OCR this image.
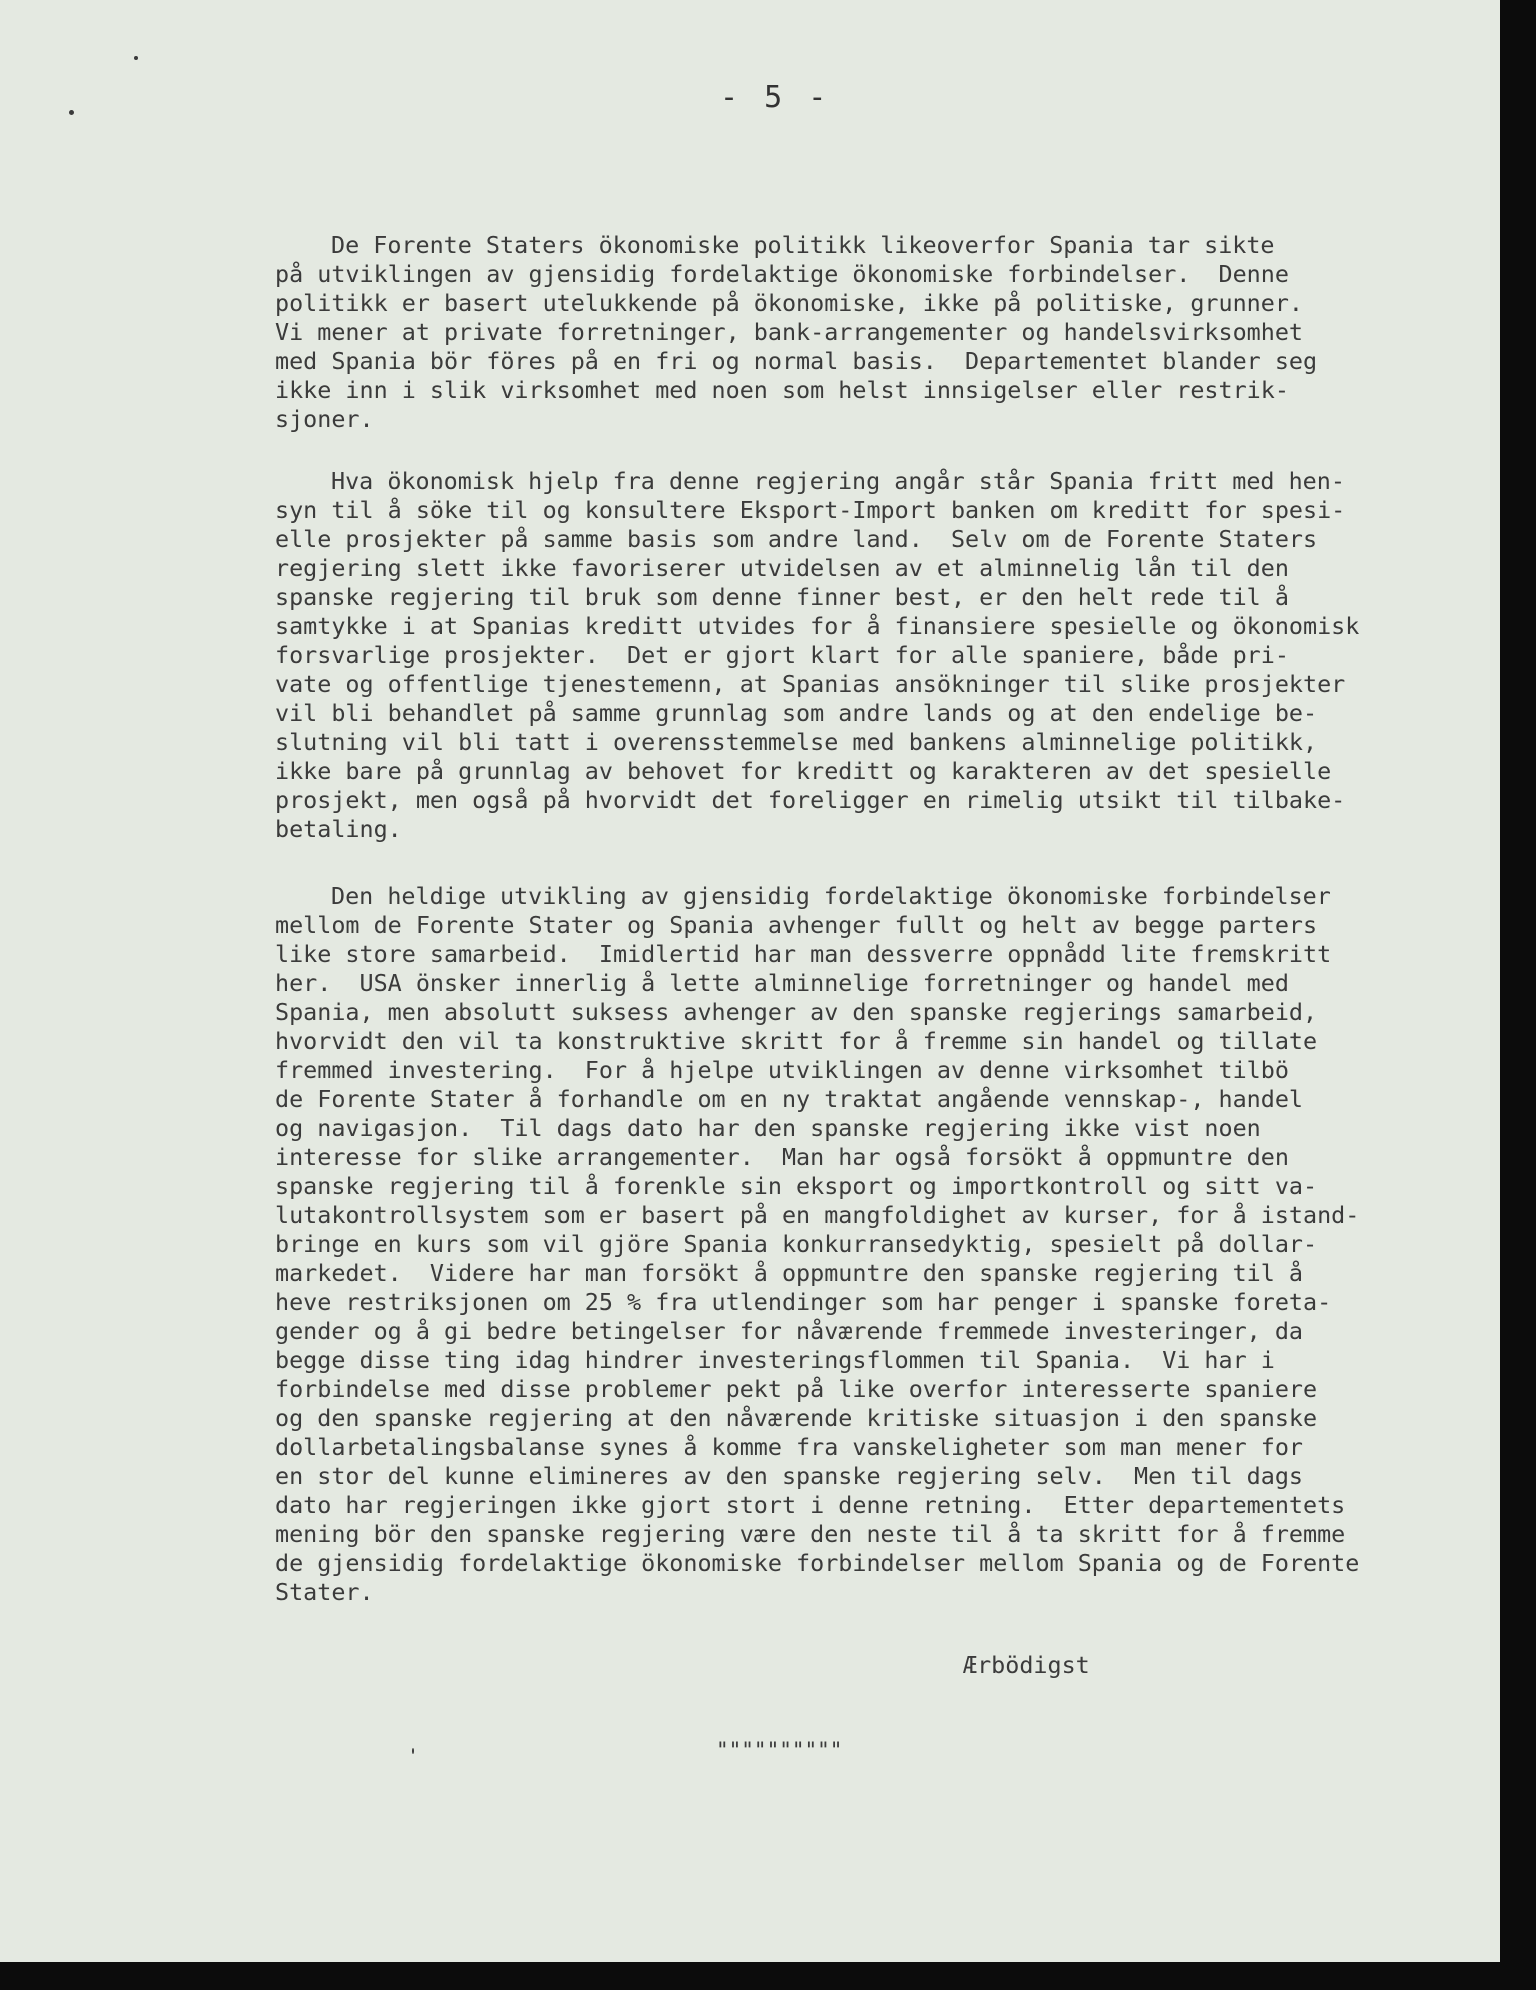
- 5 -
De Forente Staters ökonomiske politikk likeoverfor Spania tar sikte
på utviklingen av gjensidig fordelaktige ökonomiske forbindelser.  Denne
politikk er basert utelukkende på ökonomiske, ikke på politiske, grunner.
Vi mener at private forretninger, bank-arrangementer og handelsvirksomhet
med Spania bör föres på en fri og normal basis.  Departementet blander seg
ikke inn i slik virksomhet med noen som helst innsigelser eller restrik-
sjoner.
Hva ökonomisk hjelp fra denne regjering angår står Spania fritt med hen-
syn til å söke til og konsultere Eksport-Import banken om kreditt for spesi-
elle prosjekter på samme basis som andre land.  Selv om de Forente Staters
regjering slett ikke favoriserer utvidelsen av et alminnelig lån til den
spanske regjering til bruk som denne finner best, er den helt rede til å
samtykke i at Spanias kreditt utvides for å finansiere spesielle og ökonomisk
forsvarlige prosjekter.  Det er gjort klart for alle spaniere, både pri-
vate og offentlige tjenestemenn, at Spanias ansökninger til slike prosjekter
vil bli behandlet på samme grunnlag som andre lands og at den endelige be-
slutning vil bli tatt i overensstemmelse med bankens alminnelige politikk,
ikke bare på grunnlag av behovet for kreditt og karakteren av det spesielle
prosjekt, men også på hvorvidt det foreligger en rimelig utsikt til tilbake-
betaling.
Den heldige utvikling av gjensidig fordelaktige ökonomiske forbindelser
mellom de Forente Stater og Spania avhenger fullt og helt av begge parters
like store samarbeid.  Imidlertid har man dessverre oppnådd lite fremskritt
her.  USA önsker innerlig å lette alminnelige forretninger og handel med
Spania, men absolutt suksess avhenger av den spanske regjerings samarbeid,
hvorvidt den vil ta konstruktive skritt for å fremme sin handel og tillate
fremmed investering.  For å hjelpe utviklingen av denne virksomhet tilbö
de Forente Stater å forhandle om en ny traktat angående vennskap-, handel
og navigasjon.  Til dags dato har den spanske regjering ikke vist noen
interesse for slike arrangementer.  Man har også forsökt å oppmuntre den
spanske regjering til å forenkle sin eksport og importkontroll og sitt va-
lutakontrollsystem som er basert på en mangfoldighet av kurser, for å istand-
bringe en kurs som vil gjöre Spania konkurransedyktig, spesielt på dollar-
markedet.  Videre har man forsökt å oppmuntre den spanske regjering til å
heve restriksjonen om 25 % fra utlendinger som har penger i spanske foreta-
gender og å gi bedre betingelser for nåværende fremmede investeringer, da
begge disse ting idag hindrer investeringsflommen til Spania.  Vi har i
forbindelse med disse problemer pekt på like overfor interesserte spaniere
og den spanske regjering at den nåværende kritiske situasjon i den spanske
dollarbetalingsbalanse synes å komme fra vanskeligheter som man mener for
en stor del kunne elimineres av den spanske regjering selv.  Men til dags
dato har regjeringen ikke gjort stort i denne retning.  Etter departementets
mening bör den spanske regjering være den neste til å ta skritt for å fremme
de gjensidig fordelaktige ökonomiske forbindelser mellom Spania og de Forente
Stater.
Ærbödigst
""""""""""
